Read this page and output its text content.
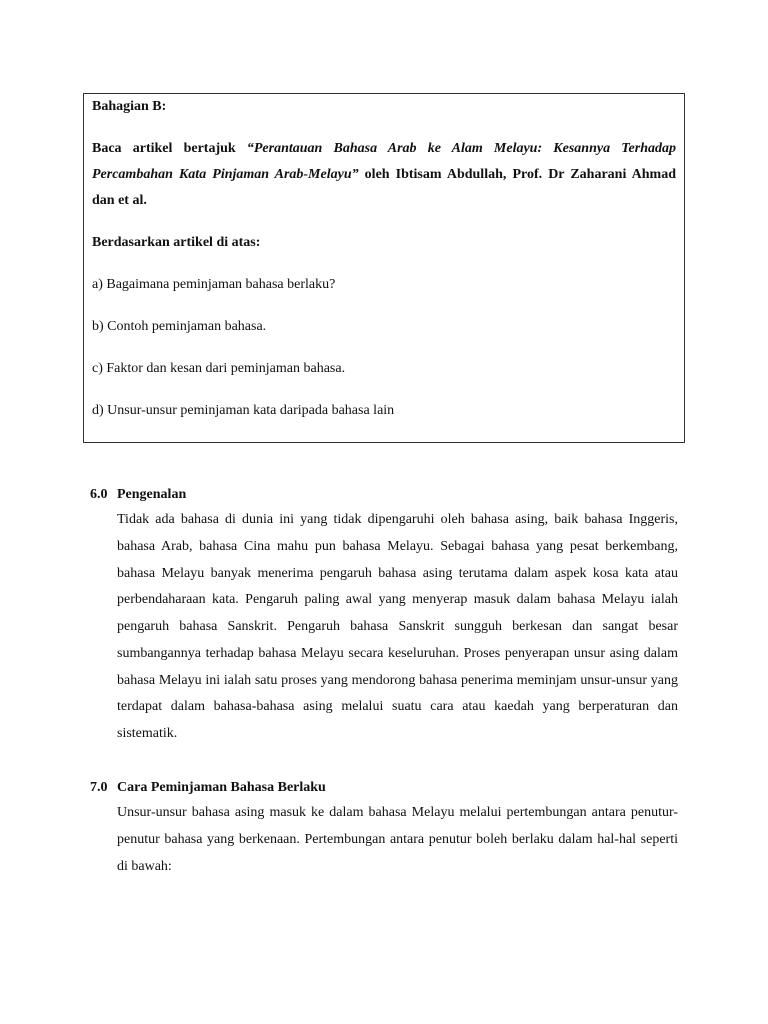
Bahagian B:

Baca artikel bertajuk “Perantauan Bahasa Arab ke Alam Melayu: Kesannya Terhadap Percambahan Kata Pinjaman Arab-Melayu” oleh Ibtisam Abdullah, Prof. Dr Zaharani Ahmad dan et al.

Berdasarkan artikel di atas:

a) Bagaimana peminjaman bahasa berlaku?

b) Contoh peminjaman bahasa.

c) Faktor dan kesan dari peminjaman bahasa.

d) Unsur-unsur peminjaman kata daripada bahasa lain

6.0 Pengenalan

Tidak ada bahasa di dunia ini yang tidak dipengaruhi oleh bahasa asing, baik bahasa Inggeris, bahasa Arab, bahasa Cina mahu pun bahasa Melayu. Sebagai bahasa yang pesat berkembang, bahasa Melayu banyak menerima pengaruh bahasa asing terutama dalam aspek kosa kata atau perbendaharaan kata. Pengaruh paling awal yang menyerap masuk dalam bahasa Melayu ialah pengaruh bahasa Sanskrit. Pengaruh bahasa Sanskrit sungguh berkesan dan sangat besar sumbangannya terhadap bahasa Melayu secara keseluruhan. Proses penyerapan unsur asing dalam bahasa Melayu ini ialah satu proses yang mendorong bahasa penerima meminjam unsur-unsur yang terdapat dalam bahasa-bahasa asing melalui suatu cara atau kaedah yang berperaturan dan sistematik.

7.0 Cara Peminjaman Bahasa Berlaku

Unsur-unsur bahasa asing masuk ke dalam bahasa Melayu melalui pertembungan antara penutur-penutur bahasa yang berkenaan. Pertembungan antara penutur boleh berlaku dalam hal-hal seperti di bawah:
